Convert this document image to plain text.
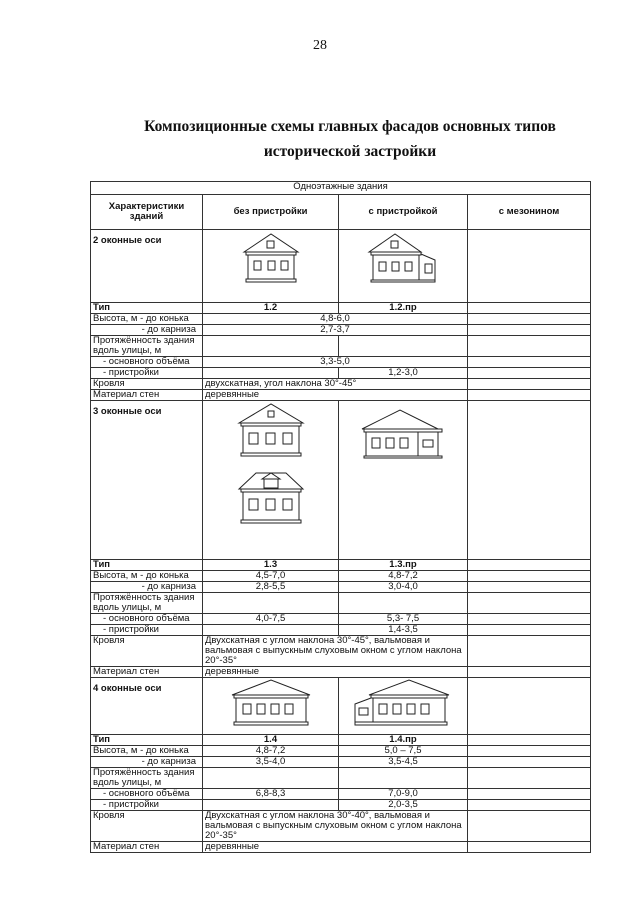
28
Композиционные схемы главных фасадов основных типов
исторической застройки
Одноэтажные здания			
Характеристики зданий	без пристройки	с пристройкой	с мезонином
2 оконные оси	

Тип	1.2	1.2.пр	
Высота, м - до конька	4,8-6,0		
- до карниза	2,7-3,7		
Протяжённость здания вдоль улицы, м			
- основного объёма	3,3-5,0		
- пристройки		1,2-3,0	
Кровля	двухскатная, угол наклона 30°-45°		
Материал стен	деревянные		
3 оконные оси	

Тип	1.3	1.3.пр	
Высота, м - до конька	4,5-7,0	4,8-7,2	
- до карниза	2,8-5,5	3,0-4,0	
Протяжённость здания вдоль улицы, м			
- основного объёма	4,0-7,5	5,3- 7,5	
- пристройки		1,4-3,5	
Кровля	Двухскатная с углом наклона 30°-45°, вальмовая и вальмовая с выпускным слуховым окном с углом наклона 20°-35°		
Материал стен	деревянные		
4 оконные оси	

Тип	1.4	1.4.пр	
Высота, м - до конька	4,8-7,2	5,0 – 7,5	
- до карниза	3,5-4,0	3,5-4,5	
Протяжённость здания вдоль улицы, м			
- основного объёма	6,8-8,3	7,0-9,0	
- пристройки		2,0-3,5	
Кровля	Двухскатная с углом наклона 30°-40°, вальмовая и вальмовая с выпускным слуховым окном с углом наклона 20°-35°		
Материал стен	деревянные		
